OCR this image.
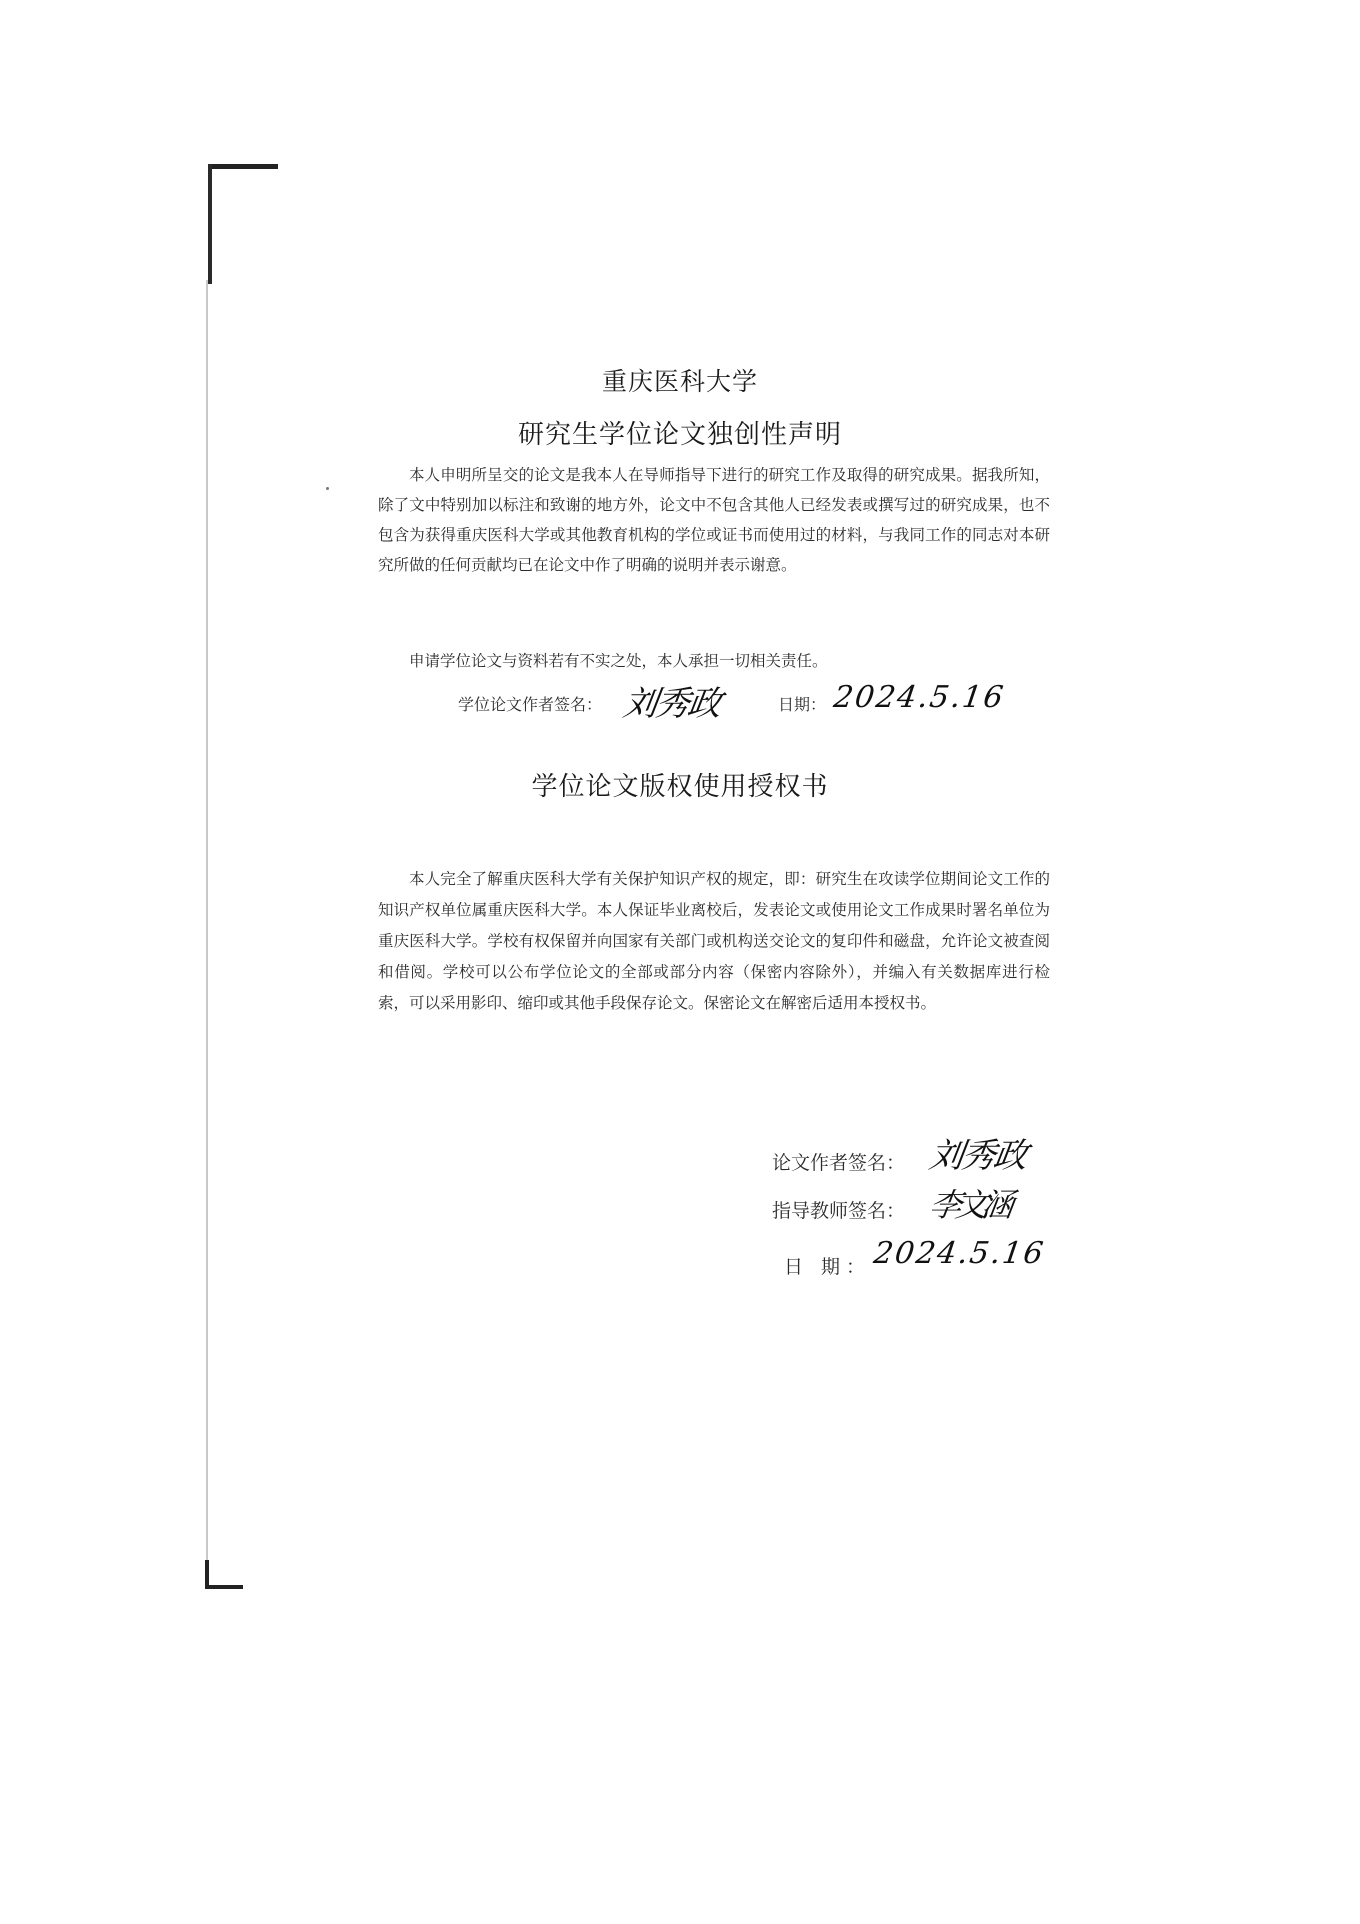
重庆医科大学
研究生学位论文独创性声明
本人申明所呈交的论文是我本人在导师指导下进行的研究工作及取得的研究成果。据我所知，除了文中特别加以标注和致谢的地方外，论文中不包含其他人已经发表或撰写过的研究成果，也不包含为获得重庆医科大学或其他教育机构的学位或证书而使用过的材料，与我同工作的同志对本研究所做的任何贡献均已在论文中作了明确的说明并表示谢意。
申请学位论文与资料若有不实之处，本人承担一切相关责任。
学位论文作者签名： 刘秀政	日期： 2024.5.16
学位论文版权使用授权书
本人完全了解重庆医科大学有关保护知识产权的规定，即：研究生在攻读学位期间论文工作的知识产权单位属重庆医科大学。本人保证毕业离校后，发表论文或使用论文工作成果时署名单位为重庆医科大学。学校有权保留并向国家有关部门或机构送交论文的复印件和磁盘，允许论文被查阅和借阅。学校可以公布学位论文的全部或部分内容（保密内容除外），并编入有关数据库进行检索，可以采用影印、缩印或其他手段保存论文。保密论文在解密后适用本授权书。
论文作者签名： 刘秀政
指导教师签名： 李文涵
日 期： 2024.5.16
